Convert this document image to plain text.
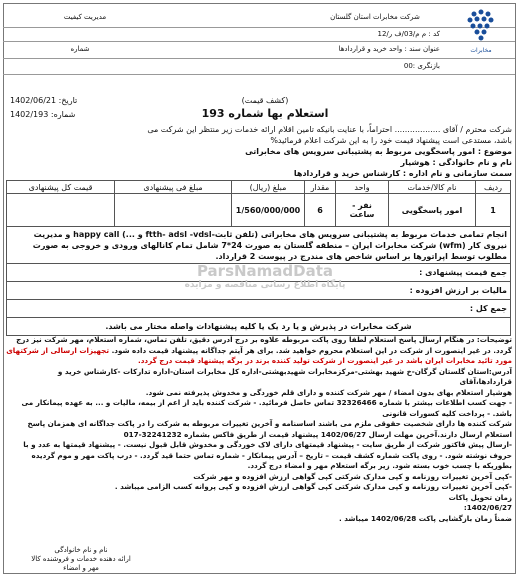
شرکت مخابرات استان گلستان
مدیریت کیفیت
کد : م م/03/ف ر/12
عنوان سند : واحد خرید و قراردادها
شماره
بازنگری :00
مخابرات
تاریخ: 1402/06/21
شماره: 1402/193
(کشف قیمت)
استعلام بها شماره 193
شرکت محترم / آقای .................. احتراماً، با عنایت بانیکه تامین اقلام ارائه خدمات زیر منتظر این شرکت می
باشد، مستدعی است پیشنهاد قیمت خود را به این شرکت اعلام فرمائید%
موضوع : امور پاسخگویی مربوط به پشتیبانی سرویس های مخابراتی
نام و نام خانوادگی : هوشیار
سمت سازمانی و نام اداره : کارشناس خرید و قراردادها
ردیف	نام کالا/خدمات	واحد	مقدار	مبلغ (ریال)	مبلغ فی پیشنهادی	قیمت کل پیشنهادی
1	امور پاسخگویی	نفر - ساعت	6	1/560/000/000		
انجام تمامی خدمات مربوط به پشتیبانی سرویس های مخابراتی (تلفن ثابت-ftth- adsl -vdsl و ...) happy call و مدیریت نیروی کار (wfm) شرکت مخابرات ایران – منطقه گلستان به صورت 24*7 شامل تمام کانالهای ورودی و خروجی به صورت مطلوب توسط اپراتورها بر اساس شاخص های مندرج در پیوست 2 قرارداد.						
جمع قیمت پیشنهادی :						
مالیات بر ارزش افزوده :						
جمع کل :						
شرکت مخابرات در پذیرش و یا رد یک یا کلیه پیشنهادات واصله مختار می باشد.						
ParsNamadData
پایگاه اطلاع رسانی مناقصه و مزایده
توضیحات: در هنگام ارسال پاسخ استعلام لطفا روی پاکت مربوطه علاوه بر درج آدرس دقیق، تلفن تماس، شماره استعلام، مهر شرکت نیز درج
گردد. در غیر اینصورت از شرکت در این استعلام محروم خواهید شد. برای هر آیتم جداگانه پیشنهاد قیمت داده شود. تجهیزات ارسالی از شرکتهای
مورد تائید مخابرات ایران باشد در غیر اینصورت از شرکت تولید کننده برند در برگه پیشنهاد قیمت درج گردد.
آدرس:استان گلستان گرگان-خ شهید بهشتی-مرکزمخابرات شهیدبهشتی-اداره کل مخابرات استان-اداره تدارکات -کارشناس خرید و قراردادها،آقای
هوشیار استعلام بهای بدون امضاء / مهر شرکت کننده و دارای قلم خوردگی و مخدوش پذیرفته نمی شود.
- جهت کسب اطلاعات بیشتر با شماره 32326466 تماس حاصل فرمائید. - شرکت کننده باید از اعم از بیمه، مالیات و ... به عهده پیمانکار می
باشد. - پرداخت کلیه کسورات قانونی
شرکت کننده ها دارای شخصیت حقوقی ملزم می باشند اساسنامه و آخرین تغییرات مربوطه به شرکت را در پاکت جداگانه ای همزمان پاسخ
استعلام ارسال دارند.آخرین مهلت ارسال 1402/06/27 پیشنهاد قیمت از طریق فاکس بشماره 32241232-017
-ارسال پیش فاکتور شرکت از طریق سایت - پیشنهاد قیمتهای دارای لاک خوردگی و مخدوش قابل قبول نیست. - پیشنهاد قیمتها به عدد و با
حروف نوشته شود. - روی پاکت شماره کشف قیمت – تاریخ – آدرس پیمانکار - شماره تماس حتما قید گردد. - درب پاکت مهر و موم گردیده
بطوریکه با چسب خوب بسته شود. زیر برگه استعلام مهر و امضاء درج گردد.
-کپی آخرین تغییرات روزنامه و کپی مدارک شرکتی کپی گواهی ارزش افزوده و مهر شرکت
-کپی آخرین تغییرات روزنامه و کپی مدارک شرکتی کپی گواهی ارزش افزوده و کپی پروانه کسب الزامی میباشد .
زمان تحویل پاکات
1402/06/27:
ضمناً زمان بازگشایی پاکت 1402/06/28 میباشد .
نام و نام خانوادگی
ارائه دهنده خدمات و فروشنده کالا
مهر و امضاء
